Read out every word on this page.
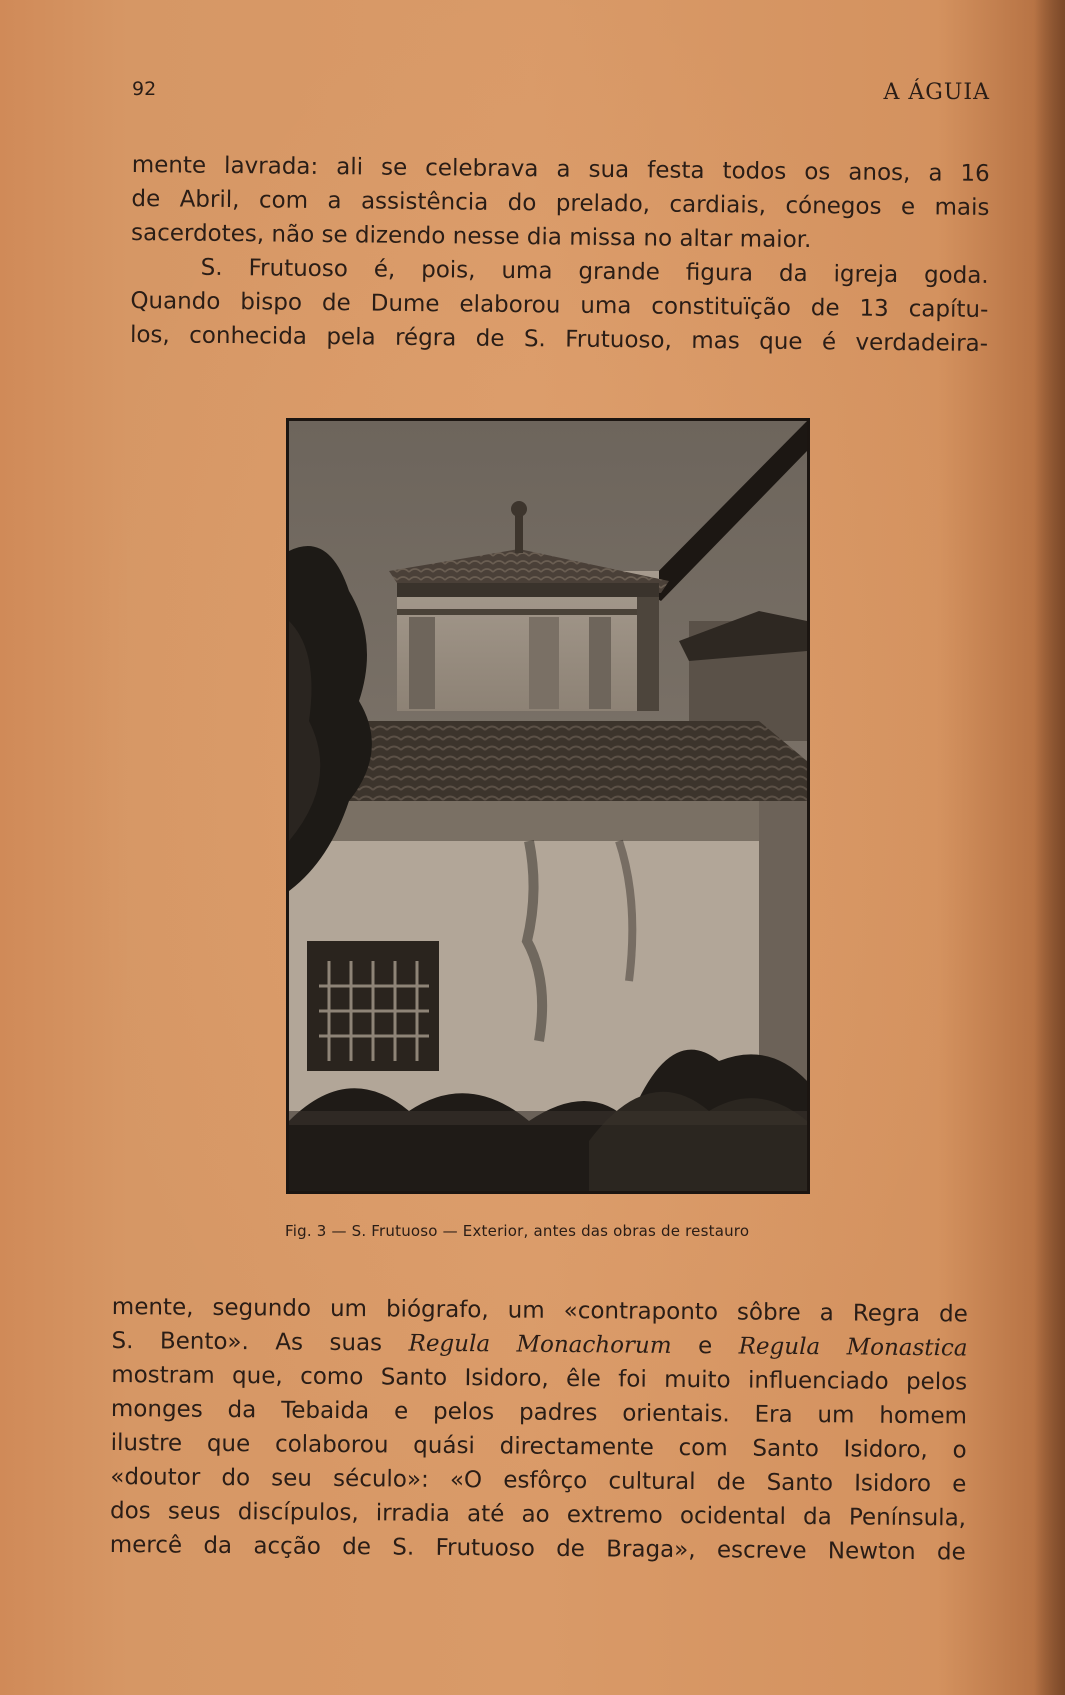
92	A ÁGUIA

mente lavrada: ali se celebrava a sua festa todos os anos, a 16
de Abril, com a assistência do prelado, cardiais, cónegos e mais
sacerdotes, não se dizendo nesse dia missa no altar maior.
S. Frutuoso é, pois, uma grande figura da igreja goda.
Quando bispo de Dume elaborou uma constituïção de 13 capítu-
los, conhecida pela régra de S. Frutuoso, mas que é verdadeira-

Fig. 3 — S. Frutuoso — Exterior, antes das obras de restauro

mente, segundo um biógrafo, um «contraponto sôbre a Regra de
S. Bento». As suas Regula Monachorum e Regula Monastica
mostram que, como Santo Isidoro, êle foi muito influenciado pelos
monges da Tebaida e pelos padres orientais. Era um homem
ilustre que colaborou quási directamente com Santo Isidoro, o
«doutor do seu século»: «O esfôrço cultural de Santo Isidoro e
dos seus discípulos, irradia até ao extremo ocidental da Península,
mercê da acção de S. Frutuoso de Braga», escreve Newton de
